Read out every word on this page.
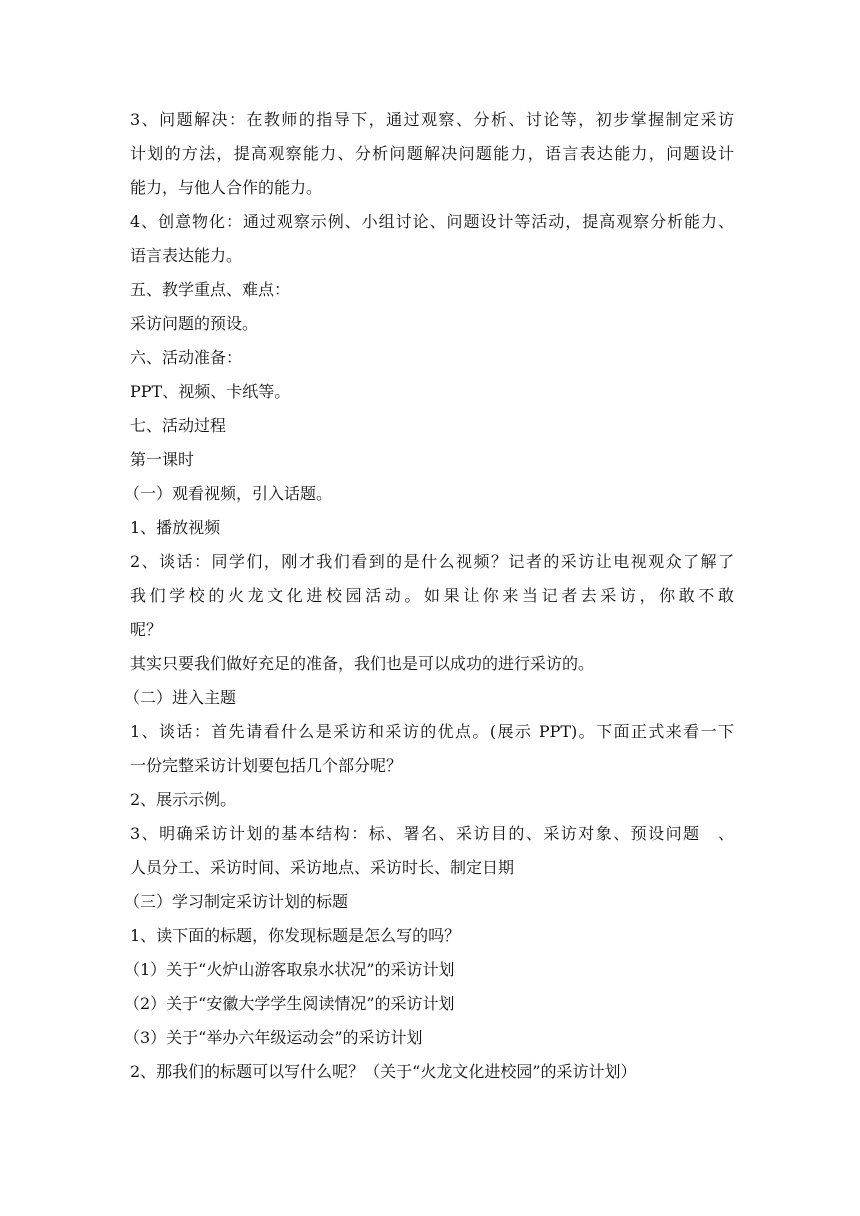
3、问题解决：在教师的指导下，通过观察、分析、讨论等，初步掌握制定采访
计划的方法，提高观察能力、分析问题解决问题能力，语言表达能力，问题设计
能力，与他人合作的能力。
4、创意物化：通过观察示例、小组讨论、问题设计等活动，提高观察分析能力、
语言表达能力。
五、教学重点、难点：
采访问题的预设。
六、活动准备：
PPT、视频、卡纸等。
七、活动过程
第一课时
（一）观看视频，引入话题。
1、播放视频
2、谈话：同学们，刚才我们看到的是什么视频？记者的采访让电视观众了解了
我们学校的火龙文化进校园活动。如果让你来当记者去采访，你敢不敢
呢？
其实只要我们做好充足的准备，我们也是可以成功的进行采访的。
（二）进入主题
1、谈话：首先请看什么是采访和采访的优点。(展示 PPT)。下面正式来看一下
一份完整采访计划要包括几个部分呢？
2、展示示例。
3、明确采访计划的基本结构：标、署名、采访目的、采访对象、预设问题　、
人员分工、采访时间、采访地点、采访时长、制定日期
（三）学习制定采访计划的标题
1、读下面的标题，你发现标题是怎么写的吗？
（1）关于“火炉山游客取泉水状况”的采访计划
（2）关于“安徽大学学生阅读情况”的采访计划
（3）关于“举办六年级运动会”的采访计划
2、那我们的标题可以写什么呢？（关于“火龙文化进校园”的采访计划）
